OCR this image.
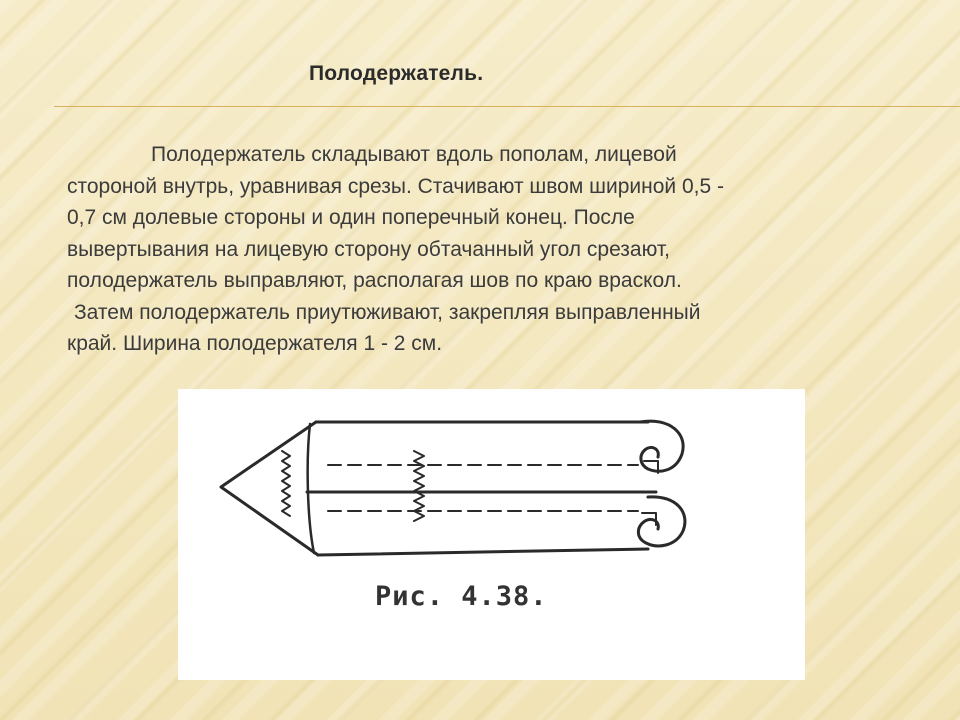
Полодержатель.
Полодержатель складывают вдоль пополам, лицевой
стороной внутрь, уравнивая срезы. Стачивают швом шириной 0,5 -
0,7 см долевые стороны и один поперечный конец. После
вывертывания на лицевую сторону обтачанный угол срезают,
полодержатель выправляют, располагая шов по краю враскол.
Затем полодержатель приутюживают, закрепляя выправленный
край. Ширина полодержателя 1 - 2 см.
Рис. 4.38.
